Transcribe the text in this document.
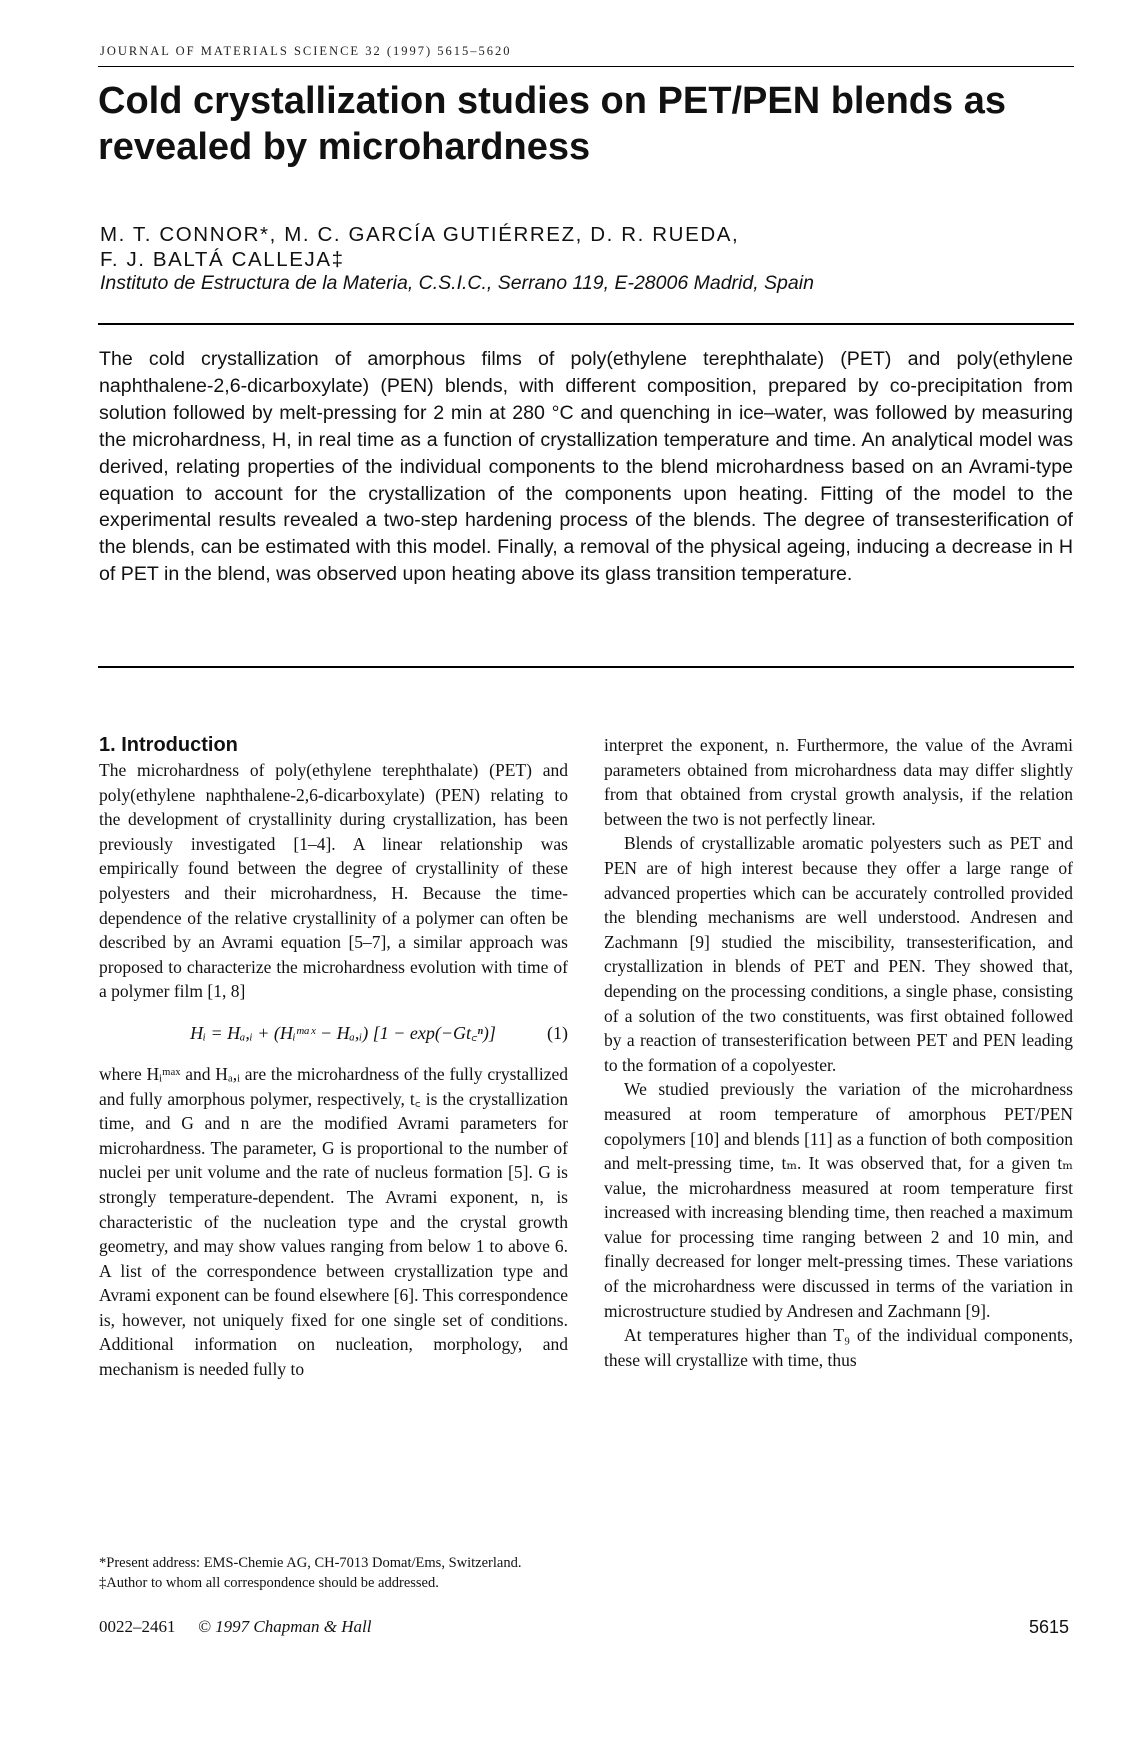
JOURNAL OF MATERIALS SCIENCE 32 (1997) 5615–5620
Cold crystallization studies on PET/PEN blends as revealed by microhardness
M. T. CONNOR*, M. C. GARCÍA GUTIÉRREZ, D. R. RUEDA,
F. J. BALTÁ CALLEJA‡
Instituto de Estructura de la Materia, C.S.I.C., Serrano 119, E-28006 Madrid, Spain
The cold crystallization of amorphous films of poly(ethylene terephthalate) (PET) and poly(ethylene naphthalene-2,6-dicarboxylate) (PEN) blends, with different composition, prepared by co-precipitation from solution followed by melt-pressing for 2 min at 280 °C and quenching in ice–water, was followed by measuring the microhardness, H, in real time as a function of crystallization temperature and time. An analytical model was derived, relating properties of the individual components to the blend microhardness based on an Avrami-type equation to account for the crystallization of the components upon heating. Fitting of the model to the experimental results revealed a two-step hardening process of the blends. The degree of transesterification of the blends, can be estimated with this model. Finally, a removal of the physical ageing, inducing a decrease in H of PET in the blend, was observed upon heating above its glass transition temperature.
1. Introduction

The microhardness of poly(ethylene terephthalate) (PET) and poly(ethylene naphthalene-2,6-dicarboxylate) (PEN) relating to the development of crystallinity during crystallization, has been previously investigated [1–4]. A linear relationship was empirically found between the degree of crystallinity of these polyesters and their microhardness, H. Because the time-dependence of the relative crystallinity of a polymer can often be described by an Avrami equation [5–7], a similar approach was proposed to characterize the microhardness evolution with time of a polymer film [1, 8]

Hᵢ = Hₐ,ᵢ + (Hᵢᵐᵃˣ − Hₐ,ᵢ) [1 − exp(−Gt꜀ⁿ)]	(1)

where Hᵢᵐᵃˣ and Hₐ,ᵢ are the microhardness of the fully crystallized and fully amorphous polymer, respectively, t꜀ is the crystallization time, and G and n are the modified Avrami parameters for microhardness. The parameter, G is proportional to the number of nuclei per unit volume and the rate of nucleus formation [5]. G is strongly temperature-dependent. The Avrami exponent, n, is characteristic of the nucleation type and the crystal growth geometry, and may show values ranging from below 1 to above 6. A list of the correspondence between crystallization type and Avrami exponent can be found elsewhere [6]. This correspondence is, however, not uniquely fixed for one single set of conditions. Additional information on nucleation, morphology, and mechanism is needed fully to

interpret the exponent, n. Furthermore, the value of the Avrami parameters obtained from microhardness data may differ slightly from that obtained from crystal growth analysis, if the relation between the two is not perfectly linear.

Blends of crystallizable aromatic polyesters such as PET and PEN are of high interest because they offer a large range of advanced properties which can be accurately controlled provided the blending mechanisms are well understood. Andresen and Zachmann [9] studied the miscibility, transesterification, and crystallization in blends of PET and PEN. They showed that, depending on the processing conditions, a single phase, consisting of a solution of the two constituents, was first obtained followed by a reaction of transesterification between PET and PEN leading to the formation of a copolyester.

We studied previously the variation of the microhardness measured at room temperature of amorphous PET/PEN copolymers [10] and blends [11] as a function of both composition and melt-pressing time, tₘ. It was observed that, for a given tₘ value, the microhardness measured at room temperature first increased with increasing blending time, then reached a maximum value for processing time ranging between 2 and 10 min, and finally decreased for longer melt-pressing times. These variations of the microhardness were discussed in terms of the variation in microstructure studied by Andresen and Zachmann [9].

At temperatures higher than T₉ of the individual components, these will crystallize with time, thus

*Present address: EMS-Chemie AG, CH-7013 Domat/Ems, Switzerland.

‡Author to whom all correspondence should be addressed.

0022–2461 © 1997 Chapman & Hall	5615
